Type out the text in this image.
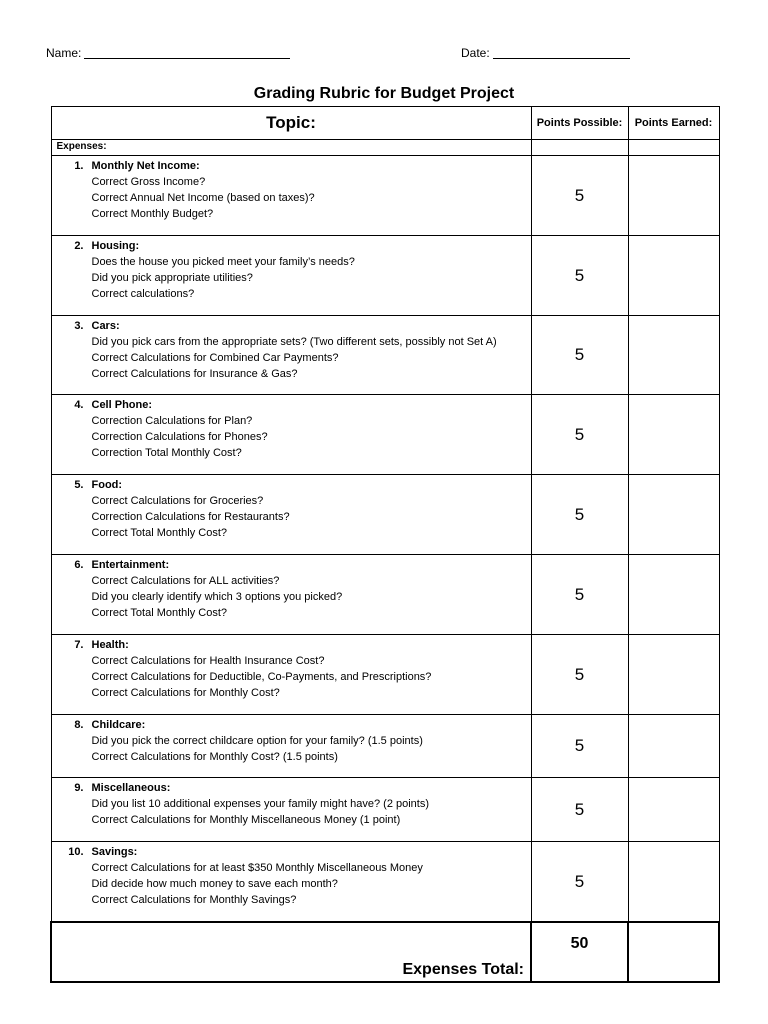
Name:	Date:
Grading Rubric for Budget Project
Topic:	Points Possible:	Points Earned:
Expenses:		

1. Monthly Net Income:
Correct Gross Income?
Correct Annual Net Income (based on taxes)?
Correct Monthly Budget?	5	

2. Housing:
Does the house you picked meet your family’s needs?
Did you pick appropriate utilities?
Correct calculations?	5	

3. Cars:
Did you pick cars from the appropriate sets? (Two different sets, possibly not Set A)
Correct Calculations for Combined Car Payments?
Correct Calculations for Insurance & Gas?	5	

4. Cell Phone:
Correction Calculations for Plan?
Correction Calculations for Phones?
Correction Total Monthly Cost?	5	

5. Food:
Correct Calculations for Groceries?
Correction Calculations for Restaurants?
Correct Total Monthly Cost?	5	

6. Entertainment:
Correct Calculations for ALL activities?
Did you clearly identify which 3 options you picked?
Correct Total Monthly Cost?	5	

7. Health:
Correct Calculations for Health Insurance Cost?
Correct Calculations for Deductible, Co-Payments, and Prescriptions?
Correct Calculations for Monthly Cost?	5	

8. Childcare:
Did you pick the correct childcare option for your family? (1.5 points)
Correct Calculations for Monthly Cost? (1.5 points)	5	

9. Miscellaneous:
Did you list 10 additional expenses your family might have? (2 points)
Correct Calculations for Monthly Miscellaneous Money (1 point)	5	

10. Savings:
Correct Calculations for at least $350 Monthly Miscellaneous Money
Did decide how much money to save each month?
Correct Calculations for Monthly Savings?	5	
Expenses Total:	50	
